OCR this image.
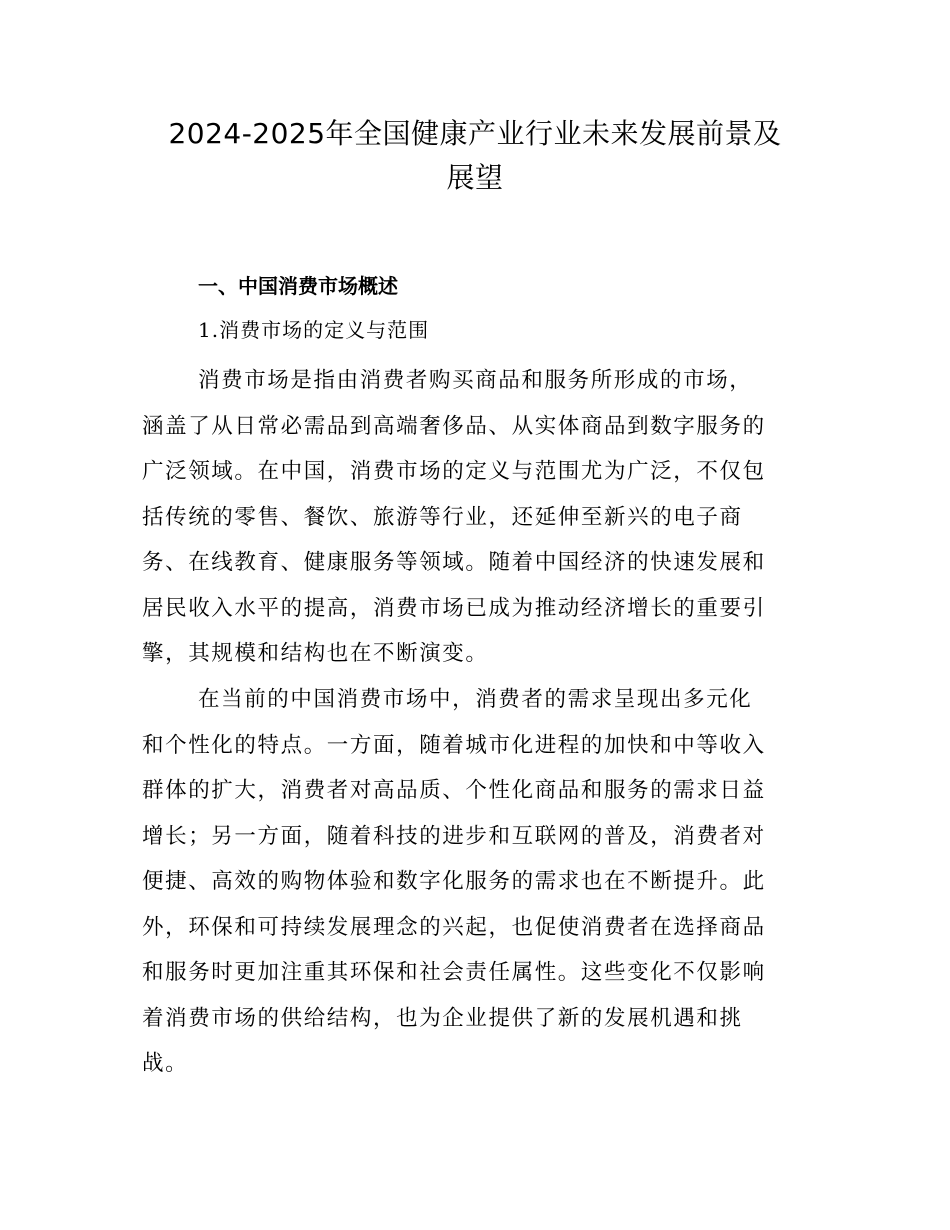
2024-2025年全国健康产业行业未来发展前景及
展望
一、中国消费市场概述
1.消费市场的定义与范围
消费市场是指由消费者购买商品和服务所形成的市场，
涵盖了从日常必需品到高端奢侈品、从实体商品到数字服务的
广泛领域。在中国，消费市场的定义与范围尤为广泛，不仅包
括传统的零售、餐饮、旅游等行业，还延伸至新兴的电子商
务、在线教育、健康服务等领域。随着中国经济的快速发展和
居民收入水平的提高，消费市场已成为推动经济增长的重要引
擎，其规模和结构也在不断演变。
在当前的中国消费市场中，消费者的需求呈现出多元化
和个性化的特点。一方面，随着城市化进程的加快和中等收入
群体的扩大，消费者对高品质、个性化商品和服务的需求日益
增长；另一方面，随着科技的进步和互联网的普及，消费者对
便捷、高效的购物体验和数字化服务的需求也在不断提升。此
外，环保和可持续发展理念的兴起，也促使消费者在选择商品
和服务时更加注重其环保和社会责任属性。这些变化不仅影响
着消费市场的供给结构，也为企业提供了新的发展机遇和挑
战。
